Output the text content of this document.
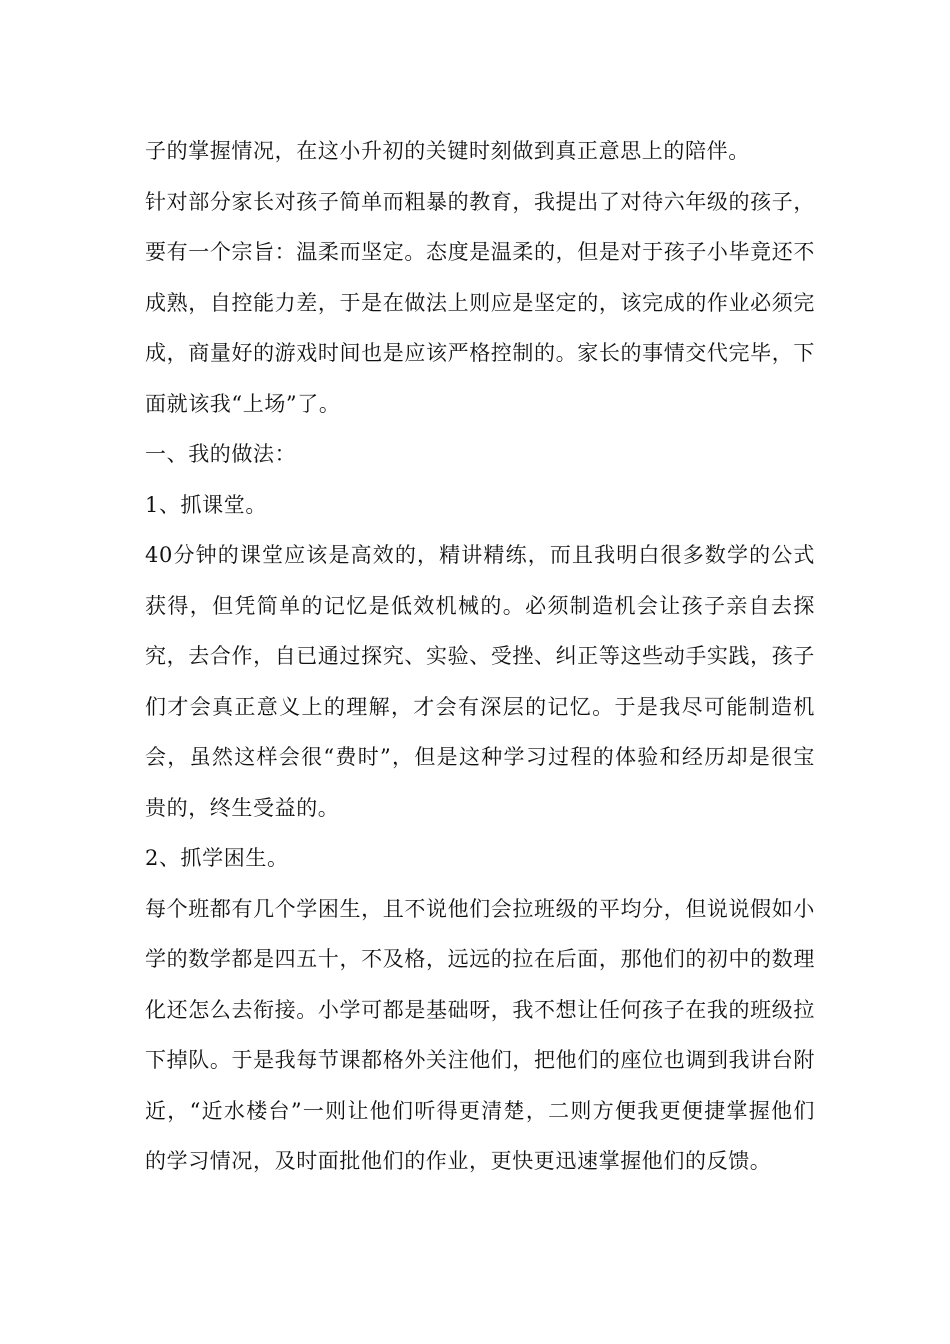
子的掌握情况，在这小升初的关键时刻做到真正意思上的陪伴。

针对部分家长对孩子简单而粗暴的教育，我提出了对待六年级的孩子，要有一个宗旨：温柔而坚定。态度是温柔的，但是对于孩子小毕竟还不成熟，自控能力差，于是在做法上则应是坚定的，该完成的作业必须完成，商量好的游戏时间也是应该严格控制的。家长的事情交代完毕，下面就该我“上场”了。

一、我的做法：

1、抓课堂。

40分钟的课堂应该是高效的，精讲精练，而且我明白很多数学的公式获得，但凭简单的记忆是低效机械的。必须制造机会让孩子亲自去探究，去合作，自已通过探究、实验、受挫、纠正等这些动手实践，孩子们才会真正意义上的理解，才会有深层的记忆。于是我尽可能制造机会，虽然这样会很“费时”，但是这种学习过程的体验和经历却是很宝贵的，终生受益的。

2、抓学困生。

每个班都有几个学困生，且不说他们会拉班级的平均分，但说说假如小学的数学都是四五十，不及格，远远的拉在后面，那他们的初中的数理化还怎么去衔接。小学可都是基础呀，我不想让任何孩子在我的班级拉下掉队。于是我每节课都格外关注他们，把他们的座位也调到我讲台附近，“近水楼台”一则让他们听得更清楚，二则方便我更便捷掌握他们的学习情况，及时面批他们的作业，更快更迅速掌握他们的反馈。
